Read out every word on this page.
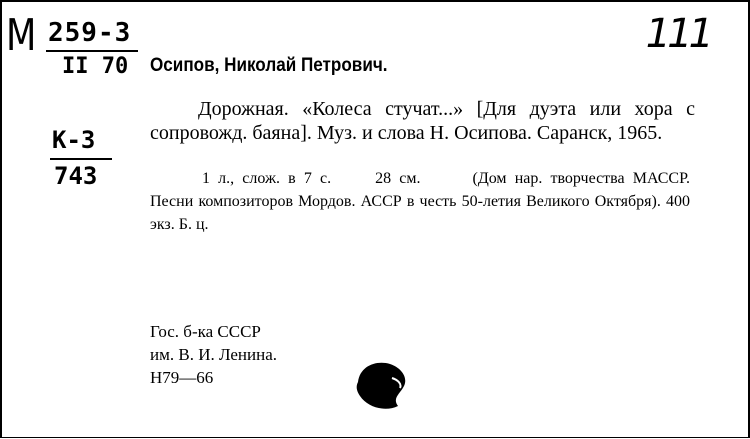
М 259-3
II 70
111
К-3
743
Осипов, Николай Петрович.
Дорожная. «Колеса стучат...» [Для дуэта или хора с сопровожд. баяна]. Муз. и слова Н. Осипова. Саранск, 1965.
1 л., слож. в 7 с.	28 см.	(Дом нар. творчества МАССР. Песни композиторов Мордов. АССР в честь 50-летия Великого Октября). 400 экз. Б. ц.
Гос. б-ка СССР
им. В. И. Ленина.
Н79—66
